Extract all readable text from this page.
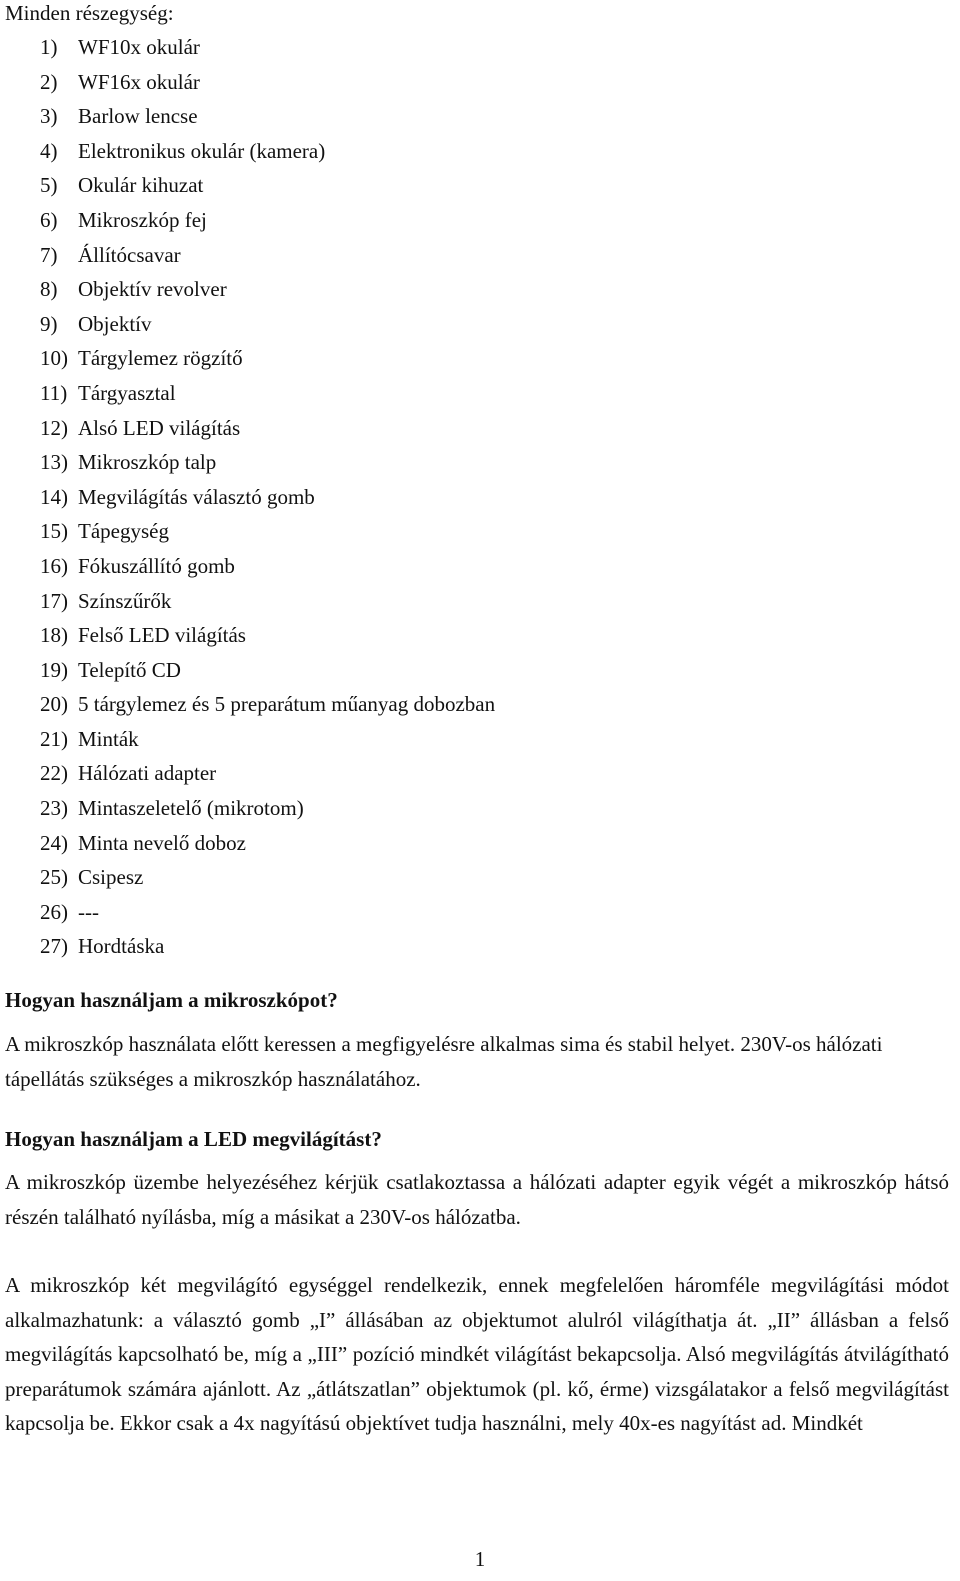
Minden részegység:
1) WF10x okulár
2) WF16x okulár
3) Barlow lencse
4) Elektronikus okulár (kamera)
5) Okulár kihuzat
6) Mikroszkóp fej
7) Állítócsavar
8) Objektív revolver
9) Objektív
10) Tárgylemez rögzítő
11) Tárgyasztal
12) Alsó LED világítás
13) Mikroszkóp talp
14) Megvilágítás választó gomb
15) Tápegység
16) Fókuszállító gomb
17) Színszűrők
18) Felső LED világítás
19) Telepítő CD
20) 5 tárgylemez és 5 preparátum műanyag dobozban
21) Minták
22) Hálózati adapter
23) Mintaszeletelő (mikrotom)
24) Minta nevelő doboz
25) Csipesz
26) ---
27) Hordtáska
Hogyan használjam a mikroszkópot?

A mikroszkóp használata előtt keressen a megfigyelésre alkalmas sima és stabil helyet. 230V-os hálózati tápellátás szükséges a mikroszkóp használatához.

Hogyan használjam a LED megvilágítást?

A mikroszkóp üzembe helyezéséhez kérjük csatlakoztassa a hálózati adapter egyik végét a mikroszkóp hátsó részén található nyílásba, míg a másikat a 230V-os hálózatba.

A mikroszkóp két megvilágító egységgel rendelkezik, ennek megfelelően háromféle megvilágítási módot alkalmazhatunk: a választó gomb „I” állásában az objektumot alulról világíthatja át. „II” állásban a felső megvilágítás kapcsolható be, míg a „III” pozíció mindkét világítást bekapcsolja. Alsó megvilágítás átvilágítható preparátumok számára ajánlott. Az „átlátszatlan” objektumok (pl. kő, érme) vizsgálatakor a felső megvilágítást kapcsolja be. Ekkor csak a 4x nagyítású objektívet tudja használni, mely 40x-es nagyítást ad. Mindkét

1
